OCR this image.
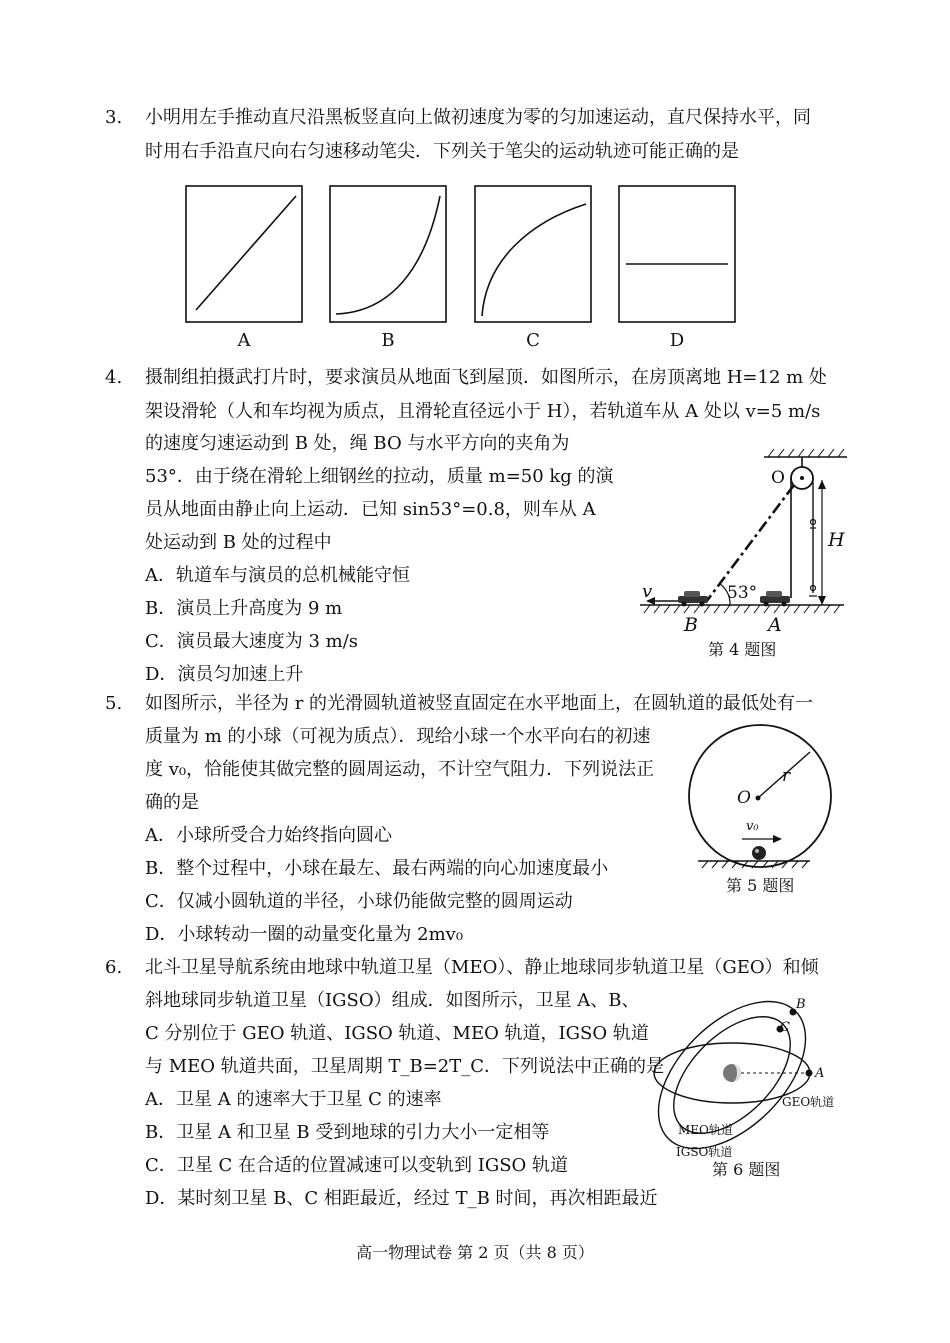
3. 小明用左手推动直尺沿黑板竖直向上做初速度为零的匀加速运动，直尺保持水平，同
时用右手沿直尺向右匀速移动笔尖．下列关于笔尖的运动轨迹可能正确的是
A	B	C	D
4. 摄制组拍摄武打片时，要求演员从地面飞到屋顶．如图所示，在房顶离地 H=12 m 处
架设滑轮（人和车均视为质点，且滑轮直径远小于 H），若轨道车从 A 处以 v=5 m/s
的速度匀速运动到 B 处，绳 BO 与水平方向的夹角为
53°．由于绕在滑轮上细钢丝的拉动，质量 m=50 kg 的演
员从地面由静止向上运动．已知 sin53°=0.8，则车从 A
处运动到 B 处的过程中
A．轨道车与演员的总机械能守恒
B．演员上升高度为 9 m
C．演员最大速度为 3 m/s
D．演员匀加速上升
O
H
v	53°
B	A
第 4 题图
5. 如图所示，半径为 r 的光滑圆轨道被竖直固定在水平地面上，在圆轨道的最低处有一
质量为 m 的小球（可视为质点）．现给小球一个水平向右的初速
度 v₀，恰能使其做完整的圆周运动，不计空气阻力．下列说法正
确的是
A．小球所受合力始终指向圆心
B．整个过程中，小球在最左、最右两端的向心加速度最小
C．仅减小圆轨道的半径，小球仍能做完整的圆周运动
D．小球转动一圈的动量变化量为 2mv₀
O
r
v₀
第 5 题图
6. 北斗卫星导航系统由地球中轨道卫星（MEO）、静止地球同步轨道卫星（GEO）和倾
斜地球同步轨道卫星（IGSO）组成．如图所示，卫星 A、B、
C 分别位于 GEO 轨道、IGSO 轨道、MEO 轨道，IGSO 轨道
与 MEO 轨道共面，卫星周期 T_B=2T_C．下列说法中正确的是
A．卫星 A 的速率大于卫星 C 的速率
B．卫星 A 和卫星 B 受到地球的引力大小一定相等
C．卫星 C 在合适的位置减速可以变轨到 IGSO 轨道
D．某时刻卫星 B、C 相距最近，经过 T_B 时间，再次相距最近
B
C
A
GEO轨道
MEO轨道
IGSO轨道
第 6 题图
高一物理试卷 第 2 页（共 8 页）
